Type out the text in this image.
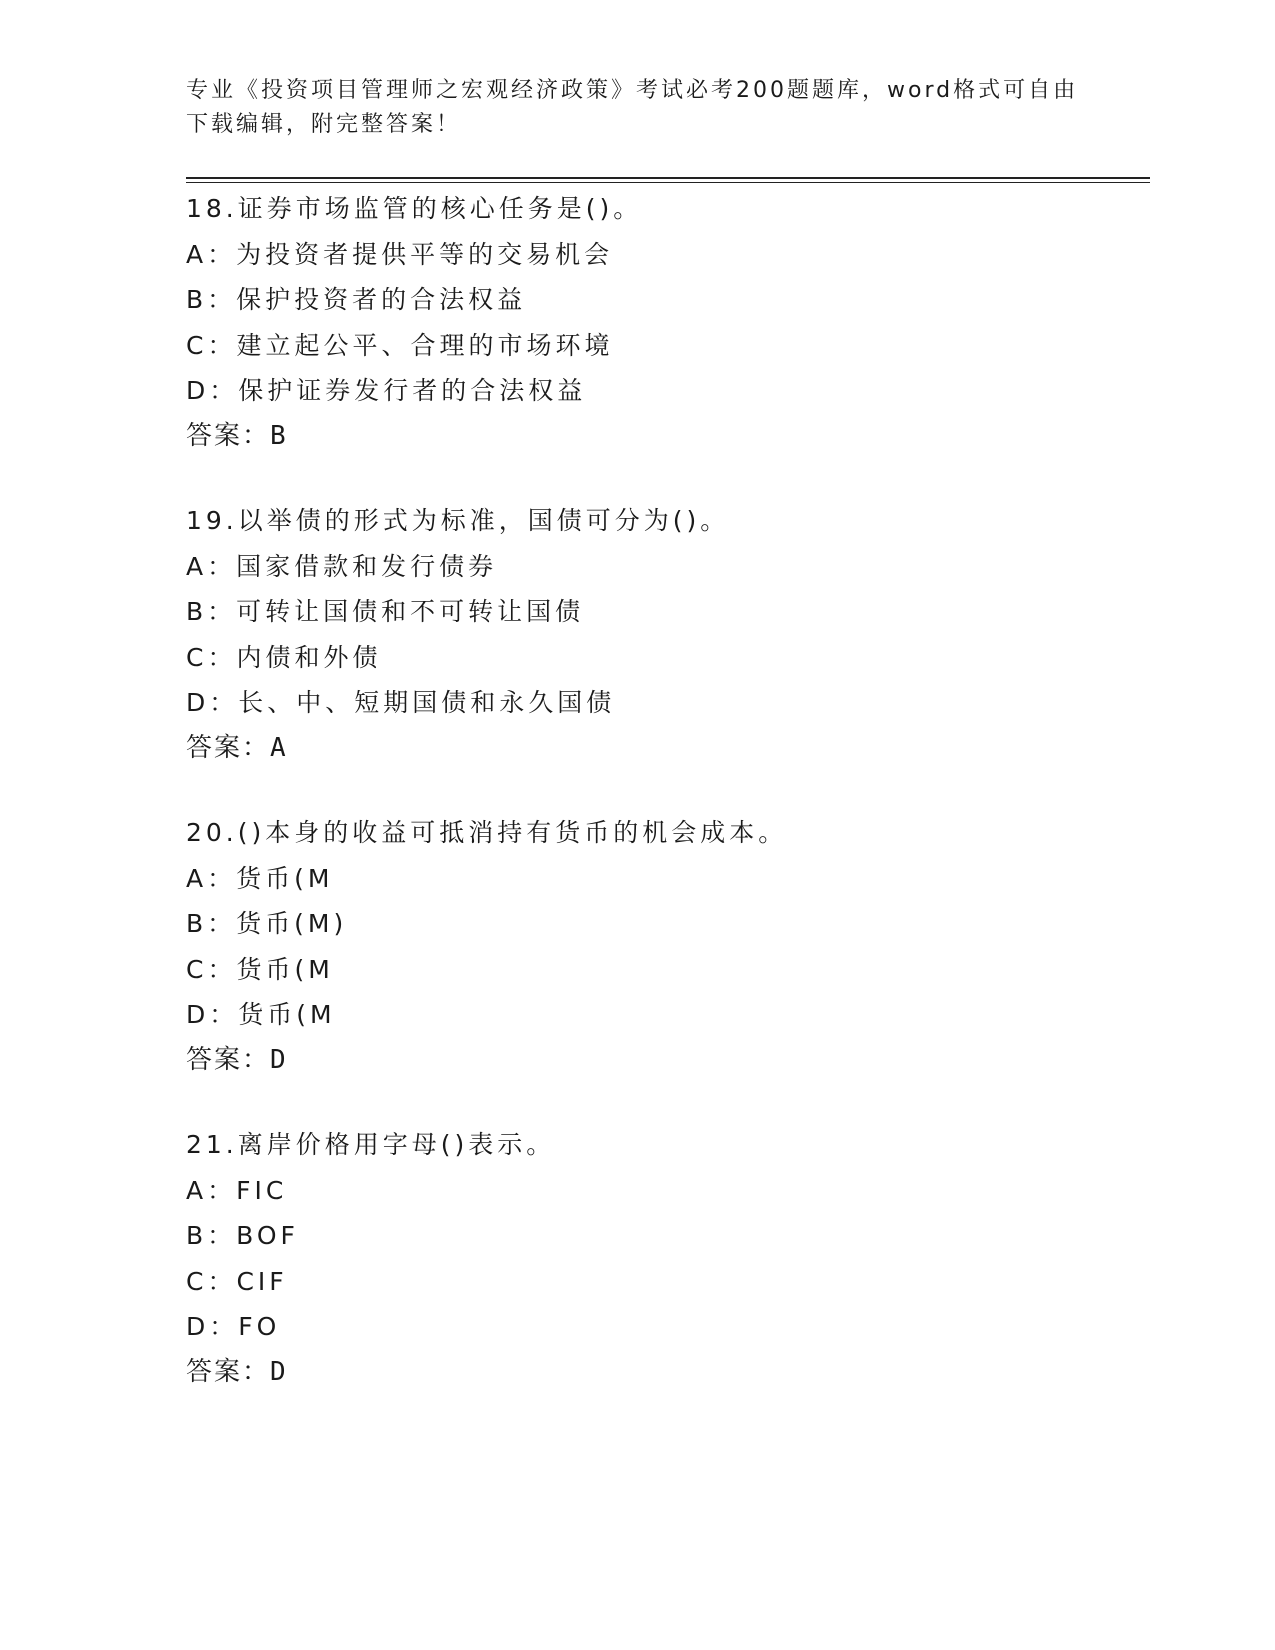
专业《投资项目管理师之宏观经济政策》考试必考200题题库，word格式可自由
下载编辑，附完整答案！
18.证券市场监管的核心任务是()。
A：为投资者提供平等的交易机会
B：保护投资者的合法权益
C：建立起公平、合理的市场环境
D：保护证券发行者的合法权益
答案：B
19.以举债的形式为标准，国债可分为()。
A：国家借款和发行债券
B：可转让国债和不可转让国债
C：内债和外债
D：长、中、短期国债和永久国债
答案：A
20.()本身的收益可抵消持有货币的机会成本。
A：货币(M
B：货币(M)
C：货币(M
D：货币(M
答案：D
21.离岸价格用字母()表示。
A：FIC
B：BOF
C：CIF
D：FO
答案：D
